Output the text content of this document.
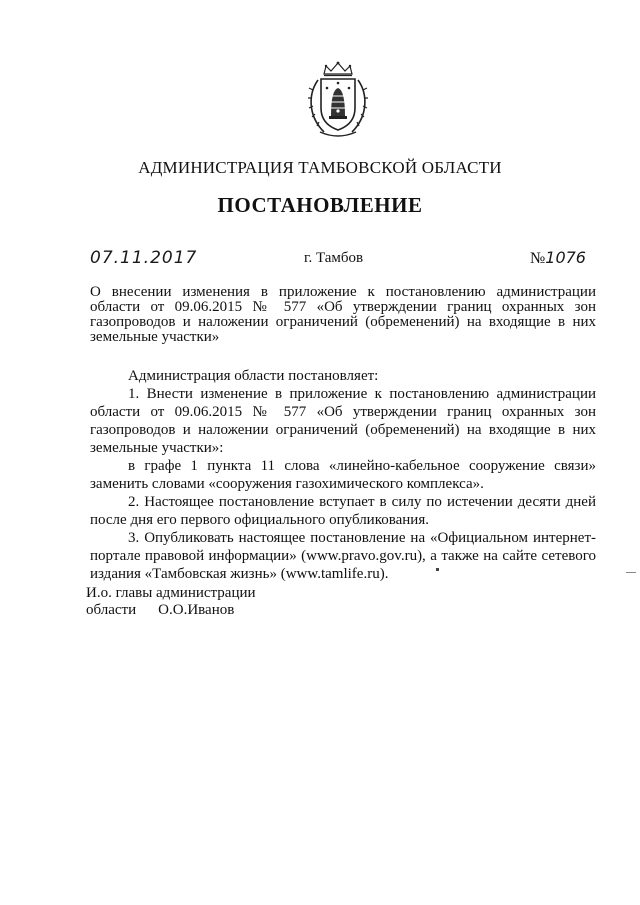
АДМИНИСТРАЦИЯ ТАМБОВСКОЙ ОБЛАСТИ
ПОСТАНОВЛЕНИЕ
07.11.2017	г. Тамбов	№1076
О внесении изменения в приложение к постановлению администрации области от 09.06.2015 № 577 «Об утверждении границ охранных зон газопроводов и наложении ограничений (обременений) на входящие в них земельные участки»

Администрация области постановляет:

1. Внести изменение в приложение к постановлению администрации области от 09.06.2015 № 577 «Об утверждении границ охранных зон газопроводов и наложении ограничений (обременений) на входящие в них земельные участки»:

в графе 1 пункта 11 слова «линейно-кабельное сооружение связи» заменить словами «сооружения газохимического комплекса».

2. Настоящее постановление вступает в силу по истечении десяти дней после дня его первого официального опубликования.

3. Опубликовать настоящее постановление на «Официальном интернет-портале правовой информации» (www.pravo.gov.ru), а также на сайте сетевого издания «Тамбовская жизнь» (www.tamlife.ru).

И.о. главы администрации
области О.О.Иванов
